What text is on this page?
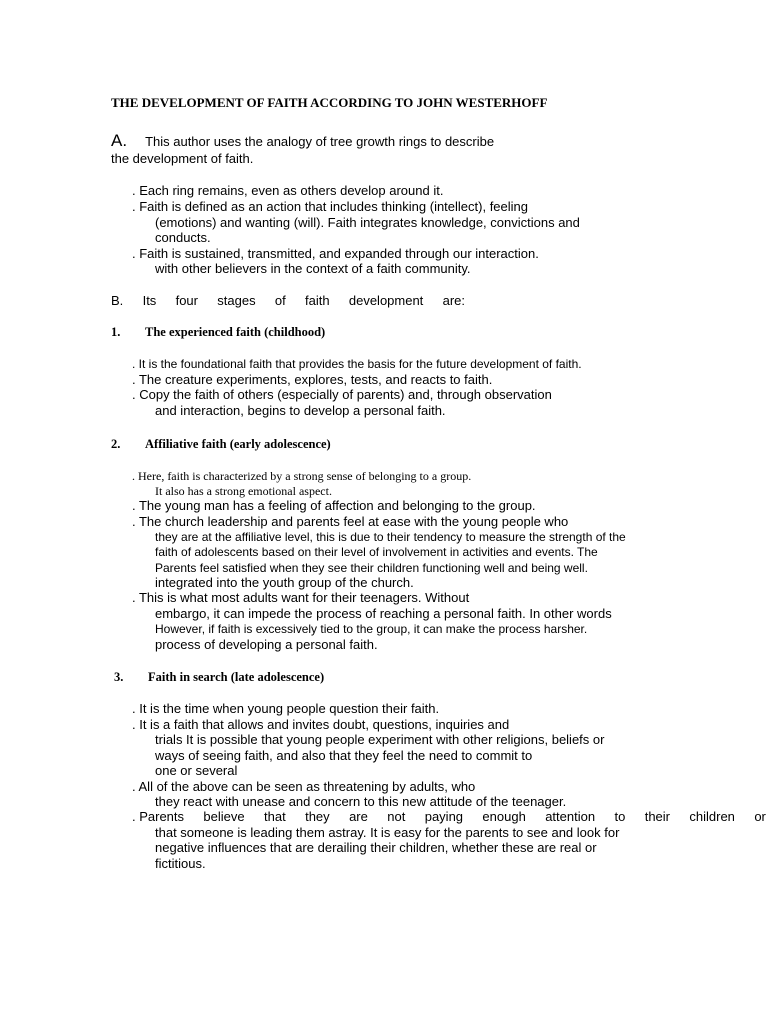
THE DEVELOPMENT OF FAITH ACCORDING TO JOHN WESTERHOFF
A. This author uses the analogy of tree growth rings to describe
the development of faith.
. Each ring remains, even as others develop around it.
. Faith is defined as an action that includes thinking (intellect), feeling
(emotions) and wanting (will). Faith integrates knowledge, convictions and
conducts.
. Faith is sustained, transmitted, and expanded through our interaction.
with other believers in the context of a faith community.
B. Its four stages of faith development are:
1. The experienced faith (childhood)
. It is the foundational faith that provides the basis for the future development of faith.
. The creature experiments, explores, tests, and reacts to faith.
. Copy the faith of others (especially of parents) and, through observation
and interaction, begins to develop a personal faith.
2. Affiliative faith (early adolescence)
. Here, faith is characterized by a strong sense of belonging to a group.
It also has a strong emotional aspect.
. The young man has a feeling of affection and belonging to the group.
. The church leadership and parents feel at ease with the young people who
they are at the affiliative level, this is due to their tendency to measure the strength of the
faith of adolescents based on their level of involvement in activities and events. The
Parents feel satisfied when they see their children functioning well and being well.
integrated into the youth group of the church.
. This is what most adults want for their teenagers. Without
embargo, it can impede the process of reaching a personal faith. In other words
However, if faith is excessively tied to the group, it can make the process harsher.
process of developing a personal faith.
3. Faith in search (late adolescence)
. It is the time when young people question their faith.
. It is a faith that allows and invites doubt, questions, inquiries and
trials It is possible that young people experiment with other religions, beliefs or
ways of seeing faith, and also that they feel the need to commit to
one or several
. All of the above can be seen as threatening by adults, who
they react with unease and concern to this new attitude of the teenager.
. Parents believe that they are not paying enough attention to their children or
that someone is leading them astray. It is easy for the parents to see and look for
negative influences that are derailing their children, whether these are real or
fictitious.
